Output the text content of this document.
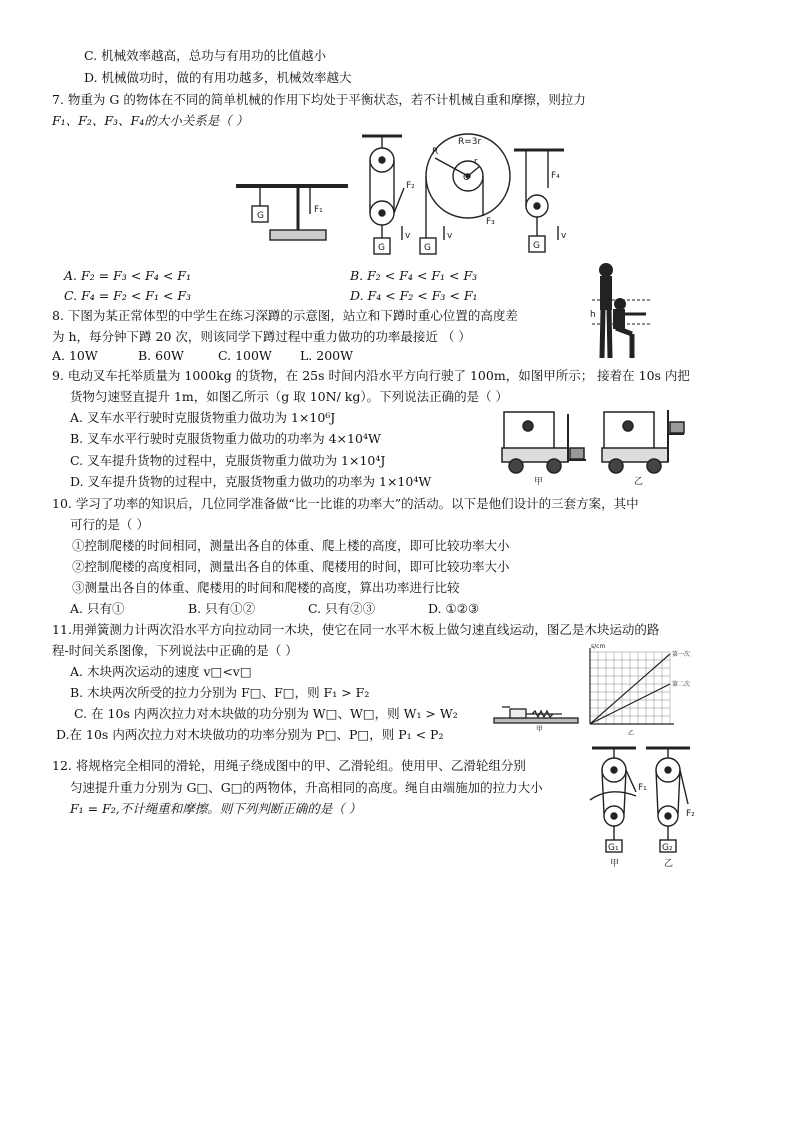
C. 机械效率越高，总功与有用功的比值越小
D. 机械做功时，做的有用功越多，机械效率越大
7. 物重为 G 的物体在不同的简单机械的作用下均处于平衡状态，若不计机械自重和摩擦，则拉力
F₁、F₂、F₃、F₄的大小关系是（ ）
G
F₁
G
F₂
v
G
v
R
r
O
R=3r
F₃
G
F₄
v
A. F₂ = F₃ < F₄ < F₁	B. F₂ < F₄ < F₁ < F₃
C. F₄ = F₂ < F₁ < F₃	D. F₄ < F₂ < F₃ < F₁
8. 下图为某正常体型的中学生在练习深蹲的示意图，站立和下蹲时重心位置的高度差
为 h，每分钟下蹲 20 次，则该同学下蹲过程中重力做功的功率最接近 （ ）
A. 10W	B. 60W	C. 100W L. 200W
h
9. 电动叉车托举质量为 1000kg 的货物，在 25s 时间内沿水平方向行驶了 100m，如图甲所示； 接着在 10s 内把
货物匀速竖直提升 1m，如图乙所示（g 取 10N/ kg）。下列说法正确的是（ ）
A. 叉车水平行驶时克服货物重力做功为 1×10⁶J
B. 叉车水平行驶时克服货物重力做功的功率为 4×10⁴W
C. 叉车提升货物的过程中，克服货物重力做功为 1×10⁴J
D. 叉车提升货物的过程中，克服货物重力做功的功率为 1×10⁴W	甲	乙
10. 学习了功率的知识后，几位同学准备做“比一比谁的功率大”的活动。以下是他们设计的三套方案，其中
可行的是（ ）
①控制爬楼的时间相同，测量出各自的体重、爬上楼的高度，即可比较功率大小
②控制爬楼的高度相同，测量出各自的体重、爬楼用的时间，即可比较功率大小
③测量出各自的体重、爬楼用的时间和爬楼的高度，算出功率进行比较
A. 只有①	B. 只有①②	C. 只有②③	D. ①②③
11.用弹簧测力计两次沿水平方向拉动同一木块，使它在同一水平木板上做匀速直线运动，图乙是木块运动的路
程-时间关系图像，下列说法中正确的是（ ）
A. 木块两次运动的速度 v□<v□
B. 木块两次所受的拉力分别为 F□、F□，则 F₁ > F₂
C. 在 10s 内两次拉力对木块做的功分别为 W□、W□，则 W₁ > W₂
D.在 10s 内两次拉力对木块做功的功率分别为 P□、P□，则 P₁ < P₂	甲
s/cm
第一次
第二次
乙
12. 将规格完全相同的滑轮，用绳子绕成图中的甲、乙滑轮组。使用甲、乙滑轮组分别
匀速提升重力分别为 G□、G□的两物体，升高相同的高度。绳自由端施加的拉力大小
F₁ = F₂,不计绳重和摩擦。则下列判断正确的是（ ）
F₁
F₂
G₁	G₂
甲	乙
